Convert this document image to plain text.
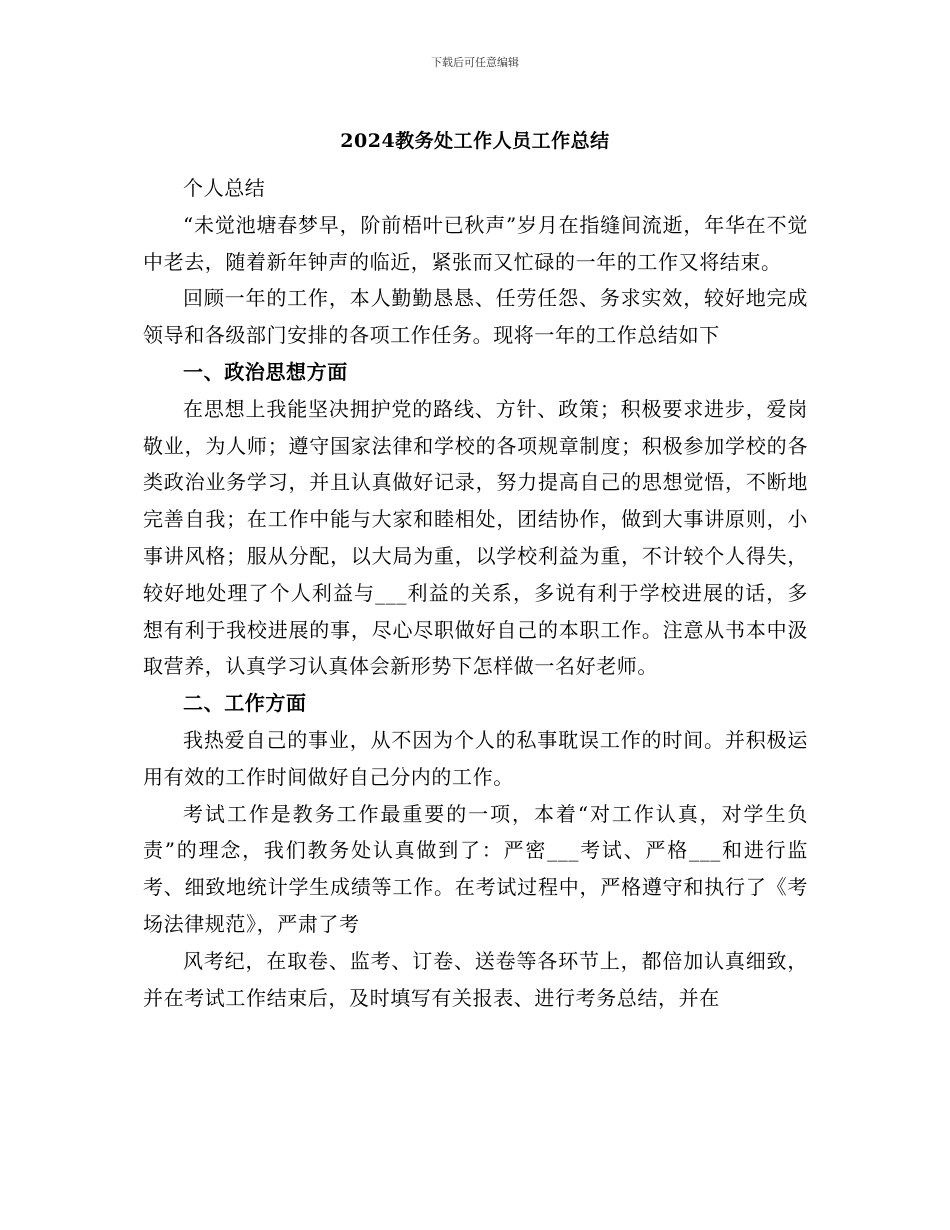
下载后可任意编辑
2024教务处工作人员工作总结

个人总结

“未觉池塘春梦早，阶前梧叶已秋声”岁月在指缝间流逝，年华在不觉中老去，随着新年钟声的临近，紧张而又忙碌的一年的工作又将结束。

回顾一年的工作，本人勤勤恳恳、任劳任怨、务求实效，较好地完成领导和各级部门安排的各项工作任务。现将一年的工作总结如下

一、政治思想方面

在思想上我能坚决拥护党的路线、方针、政策；积极要求进步，爱岗敬业，为人师；遵守国家法律和学校的各项规章制度；积极参加学校的各类政治业务学习，并且认真做好记录，努力提高自己的思想觉悟，不断地完善自我；在工作中能与大家和睦相处，团结协作，做到大事讲原则，小事讲风格；服从分配，以大局为重，以学校利益为重，不计较个人得失，较好地处理了个人利益与___利益的关系，多说有利于学校进展的话，多想有利于我校进展的事，尽心尽职做好自己的本职工作。注意从书本中汲取营养，认真学习认真体会新形势下怎样做一名好老师。

二、工作方面

我热爱自己的事业，从不因为个人的私事耽误工作的时间。并积极运用有效的工作时间做好自己分内的工作。

考试工作是教务工作最重要的一项，本着“对工作认真，对学生负责”的理念，我们教务处认真做到了：严密___考试、严格___和进行监考、细致地统计学生成绩等工作。在考试过程中，严格遵守和执行了《考场法律规范》，严肃了考

风考纪，在取卷、监考、订卷、送卷等各环节上，都倍加认真细致，并在考试工作结束后，及时填写有关报表、进行考务总结，并在
